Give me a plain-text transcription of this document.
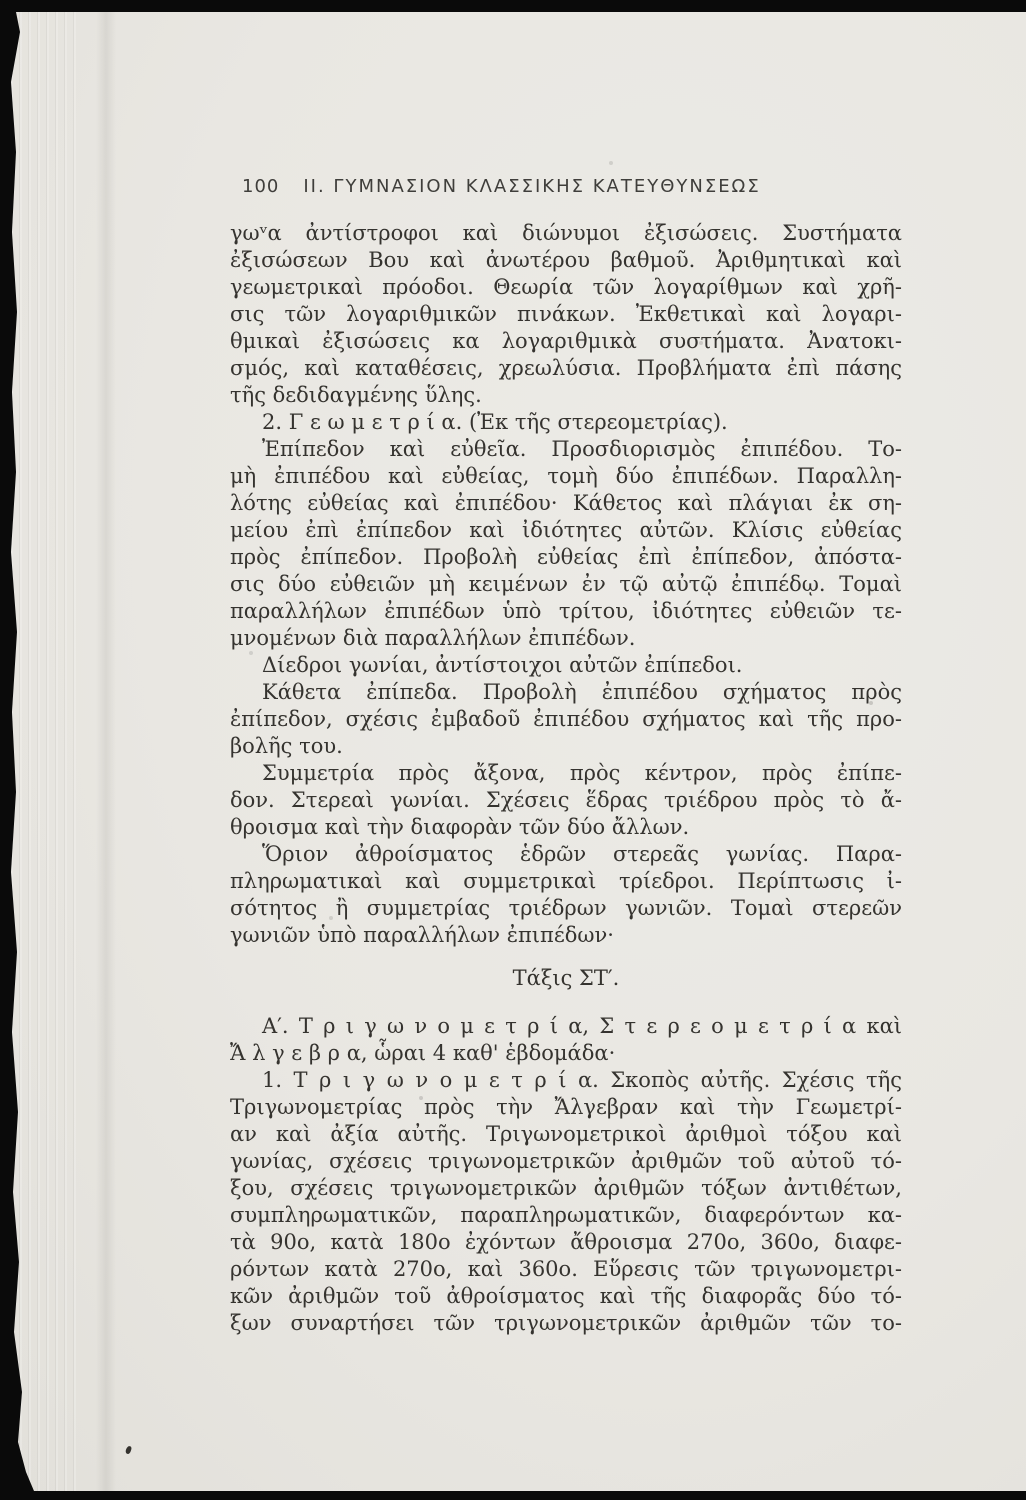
100 ΙΙ. ΓΥΜΝΑΣΙΟΝ ΚΛΑΣΣΙΚΗΣ ΚΑΤΕΥΘΥΝΣΕΩΣ
γωᵛα ἀντίστροφοι καὶ διώνυμοι ἐξισώσεις. Συστήματα
ἐξισώσεων Βου καὶ ἀνωτέρου βαθμοῦ. Ἀριθμητικαὶ καὶ
γεωμετρικαὶ πρόοδοι. Θεωρία τῶν λογαρίθμων καὶ χρῆ-
σις τῶν λογαριθμικῶν πινάκων. Ἐκθετικαὶ καὶ λογαρι-
θμικαὶ ἐξισώσεις κα λογαριθμικὰ συστήματα. Ἀνατοκι-
σμός, καὶ καταθέσεις, χρεωλύσια. Προβλήματα ἐπὶ πάσης
τῆς δεδιδαγμένης ὕλης.
2. Γ ε ω μ ε τ ρ ί α. (Ἐκ τῆς στερεομετρίας).
Ἐπίπεδον καὶ εὐθεῖα. Προσδιορισμὸς ἐπιπέδου. Το-
μὴ ἐπιπέδου καὶ εὐθείας, τομὴ δύο ἐπιπέδων. Παραλλη-
λότης εὐθείας καὶ ἐπιπέδου· Κάθετος καὶ πλάγιαι ἐκ ση-
μείου ἐπὶ ἐπίπεδον καὶ ἰδιότητες αὐτῶν. Κλίσις εὐθείας
πρὸς ἐπίπεδον. Προβολὴ εὐθείας ἐπὶ ἐπίπεδον, ἀπόστα-
σις δύο εὐθειῶν μὴ κειμένων ἐν τῷ αὐτῷ ἐπιπέδῳ. Τομαὶ
παραλλήλων ἐπιπέδων ὑπὸ τρίτου, ἰδιότητες εὐθειῶν τε-
μνομένων διὰ παραλλήλων ἐπιπέδων.
Δίεδροι γωνίαι, ἀντίστοιχοι αὐτῶν ἐπίπεδοι.
Κάθετα ἐπίπεδα. Προβολὴ ἐπιπέδου σχήματος πρὸς
ἐπίπεδον, σχέσις ἐμβαδοῦ ἐπιπέδου σχήματος καὶ τῆς προ-
βολῆς του.
Συμμετρία πρὸς ἄξονα, πρὸς κέντρον, πρὸς ἐπίπε-
δον. Στερεαὶ γωνίαι. Σχέσεις ἕδρας τριέδρου πρὸς τὸ ἄ-
θροισμα καὶ τὴν διαφορὰν τῶν δύο ἄλλων.
Ὅριον ἀθροίσματος ἑδρῶν στερεᾶς γωνίας. Παρα-
πληρωματικαὶ καὶ συμμετρικαὶ τρίεδροι. Περίπτωσις ἰ-
σότητος ἢ συμμετρίας τριέδρων γωνιῶν. Τομαὶ στερεῶν
γωνιῶν ὑπὸ παραλλήλων ἐπιπέδων·
Τάξις ΣΤ′.
Α′. Τ ρ ι γ ω ν ο μ ε τ ρ ί α, Σ τ ε ρ ε ο μ ε τ ρ ί α καὶ
Ἄ λ γ ε β ρ α, ὧραι 4 καθ' ἑβδομάδα·
1. Τ ρ ι γ ω ν ο μ ε τ ρ ί α. Σκοπὸς αὐτῆς. Σχέσις τῆς
Τριγωνομετρίας πρὸς τὴν Ἄλγεβραν καὶ τὴν Γεωμετρί-
αν καὶ ἀξία αὐτῆς. Τριγωνομετρικοὶ ἀριθμοὶ τόξου καὶ
γωνίας, σχέσεις τριγωνομετρικῶν ἀριθμῶν τοῦ αὐτοῦ τό-
ξου, σχέσεις τριγωνομετρικῶν ἀριθμῶν τόξων ἀντιθέτων,
συμπληρωματικῶν, παραπληρωματικῶν, διαφερόντων κα-
τὰ 90ο, κατὰ 180ο ἐχόντων ἄθροισμα 270ο, 360ο, διαφε-
ρόντων κατὰ 270ο, καὶ 360ο. Εὕρεσις τῶν τριγωνομετρι-
κῶν ἀριθμῶν τοῦ ἀθροίσματος καὶ τῆς διαφορᾶς δύο τό-
ξων συναρτήσει τῶν τριγωνομετρικῶν ἀριθμῶν τῶν το-
